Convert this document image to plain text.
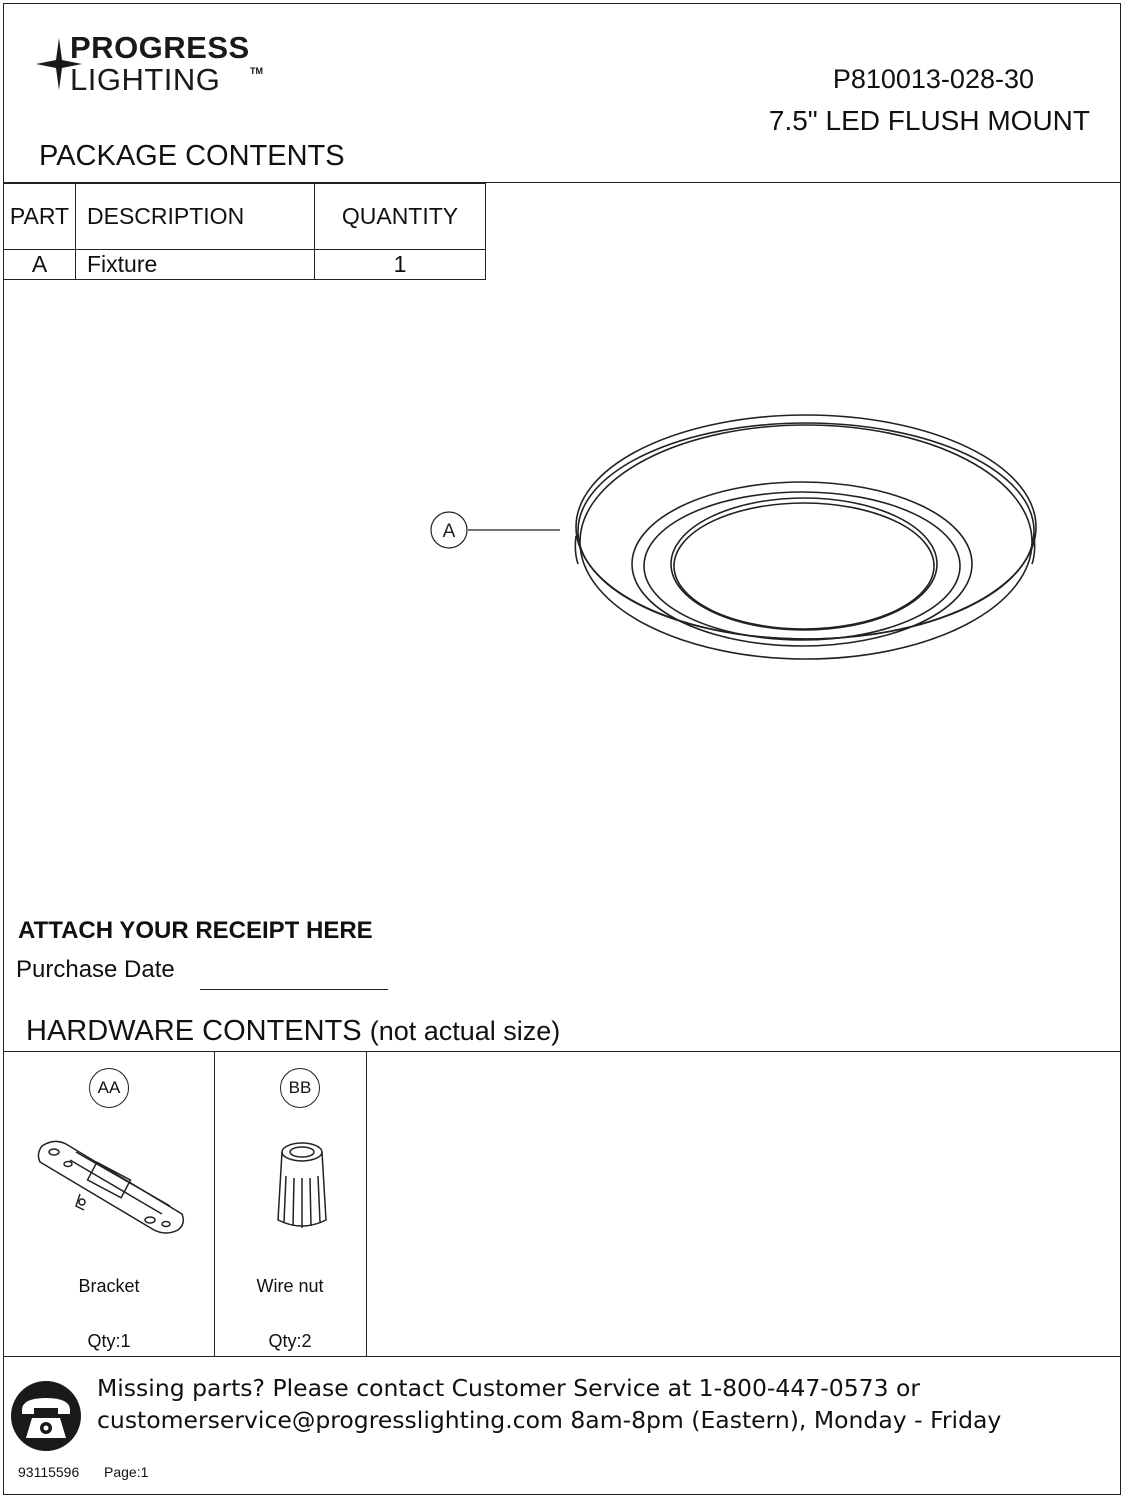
PROGRESS
LIGHTING	TM	P810013-028-30
7.5" LED FLUSH MOUNT
PACKAGE CONTENTS
PART	DESCRIPTION	QUANTITY
A	Fixture	1
A
ATTACH YOUR RECEIPT HERE
Purchase Date
HARDWARE CONTENTS (not actual size)
AA
Bracket
Qty:1
BB
Wire nut
Qty:2
Missing parts? Please contact Customer Service at 1-800-447-0573 or
customerservice@progresslighting.com 8am-8pm (Eastern), Monday - Friday
93115596 Page:1
